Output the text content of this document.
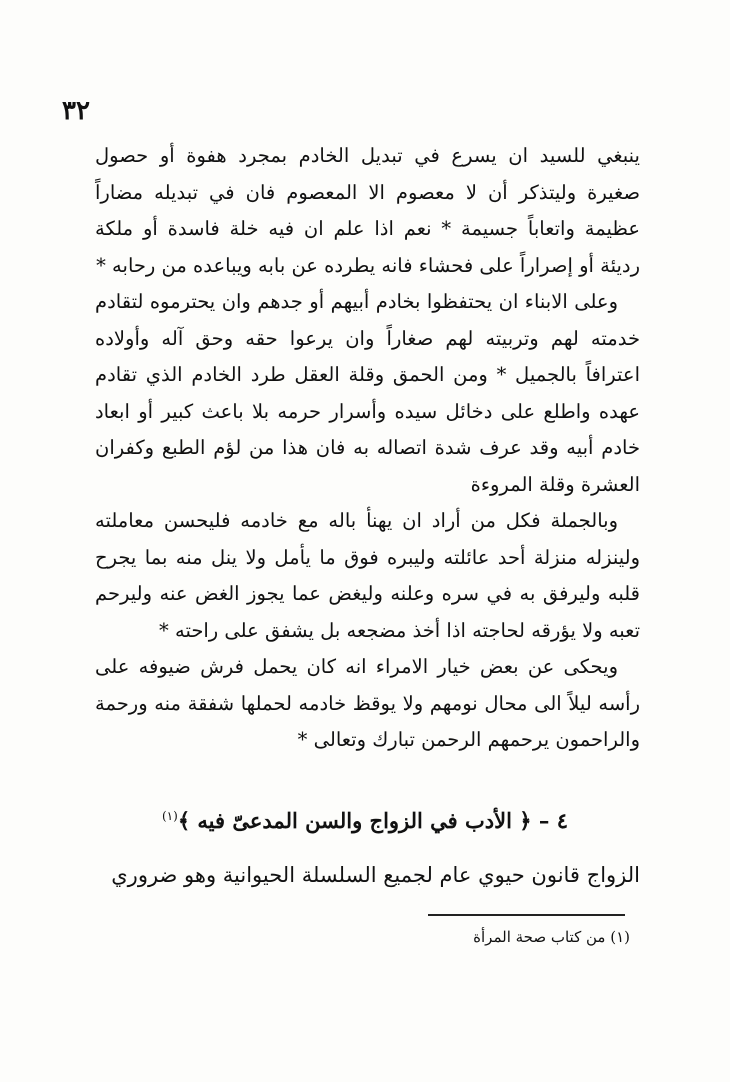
٣٢

ينبغي للسيد ان يسرع في تبديل الخادم بمجرد هفوة أو حصول صغيرة وليتذكر أن لا معصوم الا المعصوم فان في تبديله مضاراً عظيمة واتعاباً جسيمة * نعم اذا علم ان فيه خلة فاسدة أو ملكة رديئة أو إصراراً على فحشاء فانه يطرده عن بابه ويباعده من رحابه *

وعلى الابناء ان يحتفظوا بخادم أبيهم أو جدهم وان يحترموه لتقادم خدمته لهم وتربيته لهم صغاراً وان يرعوا حقه وحق آله وأولاده اعترافاً بالجميل * ومن الحمق وقلة العقل طرد الخادم الذي تقادم عهده واطلع على دخائل سيده وأسرار حرمه بلا باعث كبير أو ابعاد خادم أبيه وقد عرف شدة اتصاله به فان هذا من لؤم الطبع وكفران العشرة وقلة المروءة

وبالجملة فكل من أراد ان يهنأ باله مع خادمه فليحسن معاملته ولينزله منزلة أحد عائلته وليبره فوق ما يأمل ولا ينل منه بما يجرح قلبه وليرفق به في سره وعلنه وليغض عما يجوز الغض عنه وليرحم تعبه ولا يؤرقه لحاجته اذا أخذ مضجعه بل يشفق على راحته *

ويحكى عن بعض خيار الامراء انه كان يحمل فرش ضيوفه على رأسه ليلاً الى محال نومهم ولا يوقظ خادمه لحملها شفقة منه ورحمة والراحمون يرحمهم الرحمن تبارك وتعالى *

٤ – ﴿ الأدب في الزواج والسن المدعىّ فيه ﴾$^{(١)}$
الزواج قانون حيوي عام لجميع السلسلة الحيوانية وهو ضروري
(١) من كتاب صحة المرأة
